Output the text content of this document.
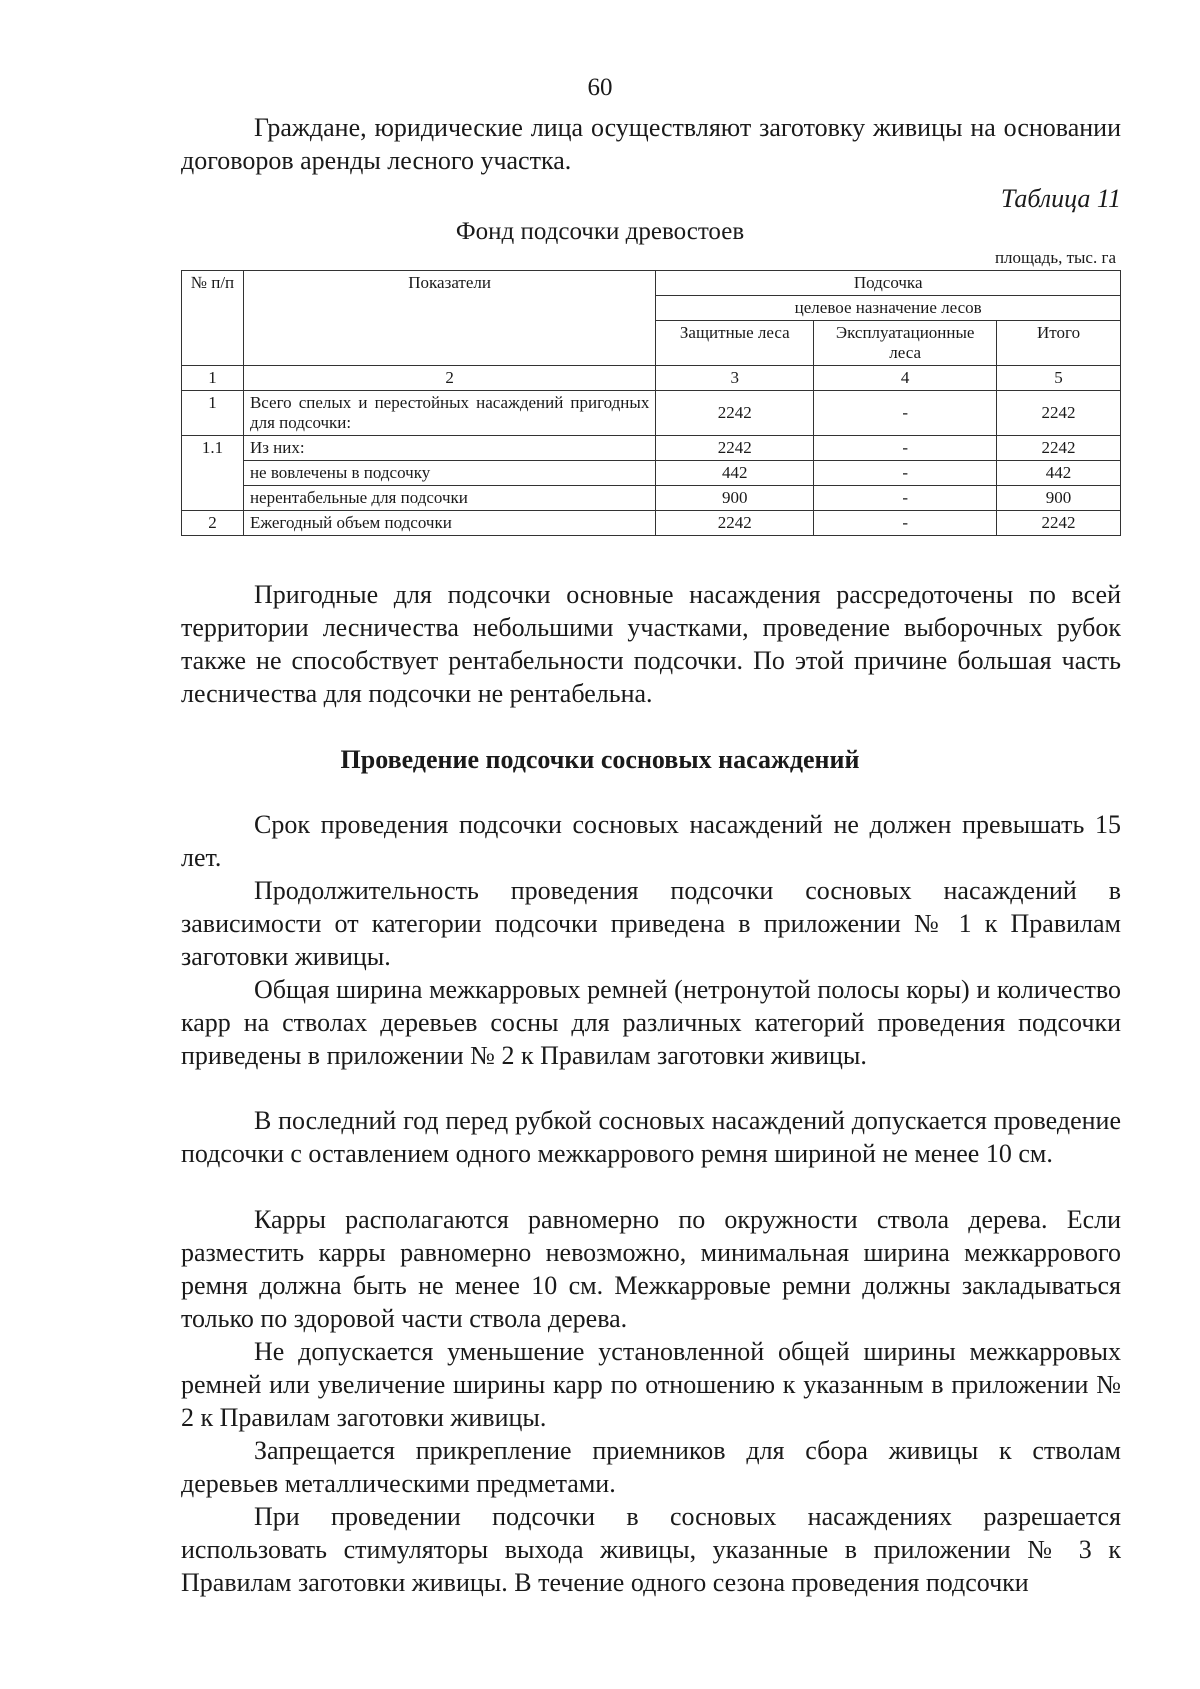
60

Граждане, юридические лица осуществляют заготовку живицы на основании договоров аренды лесного участка.

Таблица 11
Фонд подсочки древостоев
площадь, тыс. га
№ п/п	Показатели	Подсочка		
		целевое назначение лесов		
		Защитные леса	Эксплуатационные леса	Итого
1	2	3	4	5
1	Всего спелых и перестойных насаждений пригодных для подсочки:	2242	-	2242
1.1	Из них:	2242	-	2242
	не вовлечены в подсочку	442	-	442
	нерентабельные для подсочки	900	-	900
2	Ежегодный объем подсочки	2242	-	2242

Пригодные для подсочки основные насаждения рассредоточены по всей территории лесничества небольшими участками, проведение выборочных рубок также не способствует рентабельности подсочки. По этой причине большая часть лесничества для подсочки не рентабельна.

Проведение подсочки сосновых насаждений

Срок проведения подсочки сосновых насаждений не должен превышать 15 лет.

Продолжительность проведения подсочки сосновых насаждений в зависимости от категории подсочки приведена в приложении № 1 к Правилам заготовки живицы.

Общая ширина межкарровых ремней (нетронутой полосы коры) и количество карр на стволах деревьев сосны для различных категорий проведения подсочки приведены в приложении № 2 к Правилам заготовки живицы.

В последний год перед рубкой сосновых насаждений допускается проведение подсочки с оставлением одного межкаррового ремня шириной не менее 10 см.

Карры располагаются равномерно по окружности ствола дерева. Если разместить карры равномерно невозможно, минимальная ширина межкаррового ремня должна быть не менее 10 см. Межкарровые ремни должны закладываться только по здоровой части ствола дерева.

Не допускается уменьшение установленной общей ширины межкарровых ремней или увеличение ширины карр по отношению к указанным в приложении № 2 к Правилам заготовки живицы.

Запрещается прикрепление приемников для сбора живицы к стволам деревьев металлическими предметами.

При проведении подсочки в сосновых насаждениях разрешается использовать стимуляторы выхода живицы, указанные в приложении № 3 к Правилам заготовки живицы. В течение одного сезона проведения подсочки
